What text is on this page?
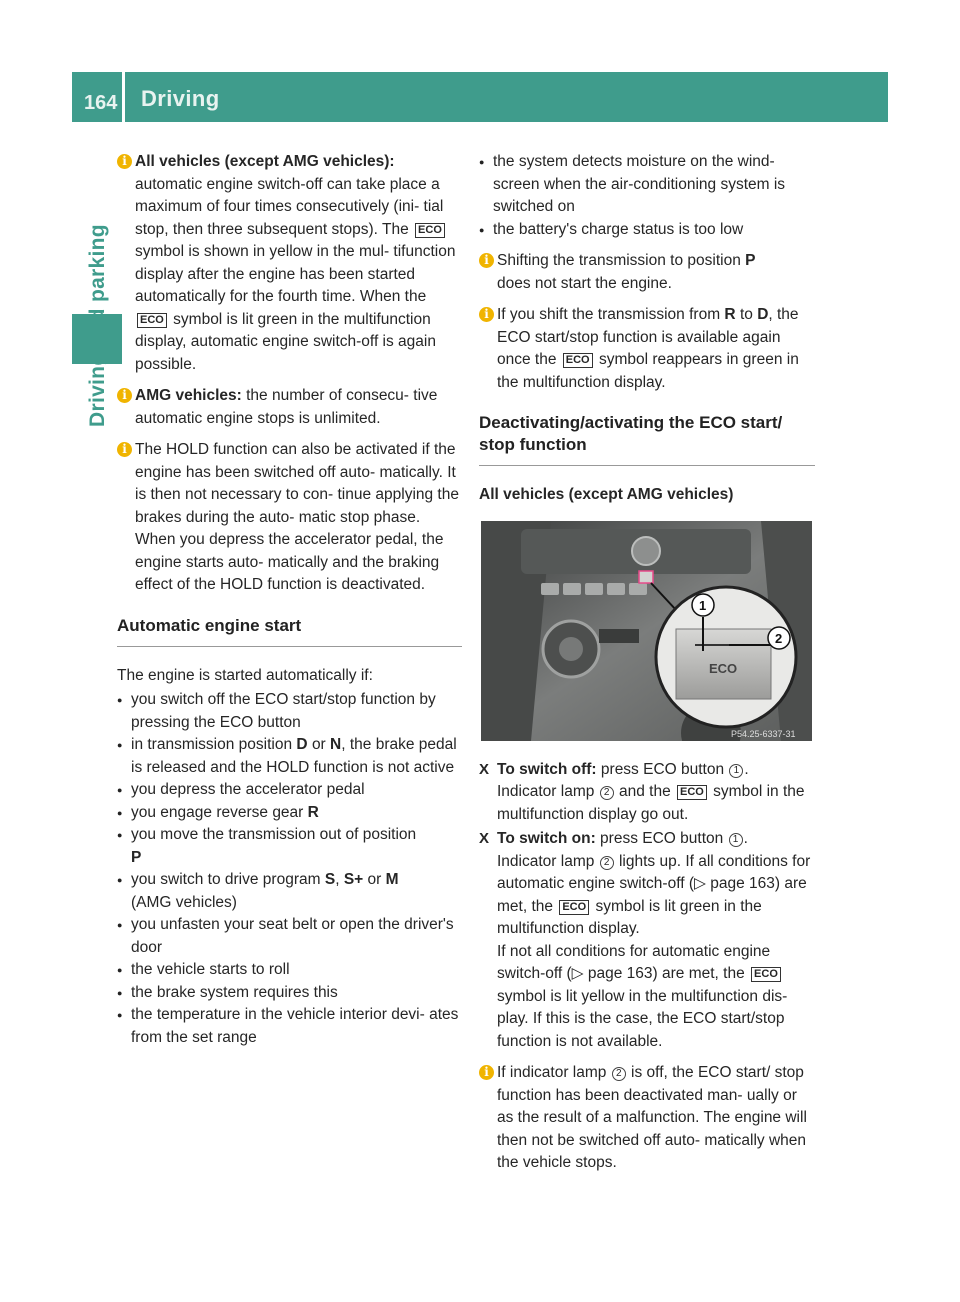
164 Driving
i All vehicles (except AMG vehicles):
automatic engine switch-off can take place a maximum of four times consecutively (ini- tial stop, then three subsequent stops). The ECO symbol is shown in yellow in the mul- tifunction display after the engine has been started automatically for the fourth time. When the ECO symbol is lit green in the multifunction display, automatic engine switch-off is again possible.
i AMG vehicles: the number of consecu- tive automatic engine stops is unlimited.
i The HOLD function can also be activated if the engine has been switched off auto- matically. It is then not necessary to con- tinue applying the brakes during the auto- matic stop phase. When you depress the accelerator pedal, the engine starts auto- matically and the braking effect of the HOLD function is deactivated.
Automatic engine start
The engine is started automatically if:
● you switch off the ECO start/stop function by pressing the ECO button
● in transmission position D or N, the brake pedal is released and the HOLD function is not active
● you depress the accelerator pedal
● you engage reverse gear R
● you move the transmission out of position
P
● you switch to drive program S, S+ or M
(AMG vehicles)
● you unfasten your seat belt or open the driver's door
● the vehicle starts to roll
● the brake system requires this
● the temperature in the vehicle interior devi- ates from the set range
● the system detects moisture on the wind- screen when the air-conditioning system is switched on
● the battery's charge status is too low
i Shifting the transmission to position P
does not start the engine.
i If you shift the transmission from R to D, the ECO start/stop function is available again once the ECO symbol reappears in green in the multifunction display.
Deactivating/activating the ECO start/ stop function
All vehicles (except AMG vehicles)
ECO
1
2
P54.25-6337-31
X To switch off: press ECO button 1 .
Indicator lamp 2 and the ECO symbol in the multifunction display go out.
X To switch on: press ECO button 1 .
Indicator lamp 2 lights up. If all conditions for automatic engine switch-off (▷ page 163) are met, the ECO symbol is lit green in the multifunction display.
If not all conditions for automatic engine switch-off (▷ page 163) are met, the ECO symbol is lit yellow in the multifunction dis- play. If this is the case, the ECO start/stop function is not available.
i If indicator lamp 2 is off, the ECO start/ stop function has been deactivated man- ually or as the result of a malfunction. The engine will then not be switched off auto- matically when the vehicle stops.
